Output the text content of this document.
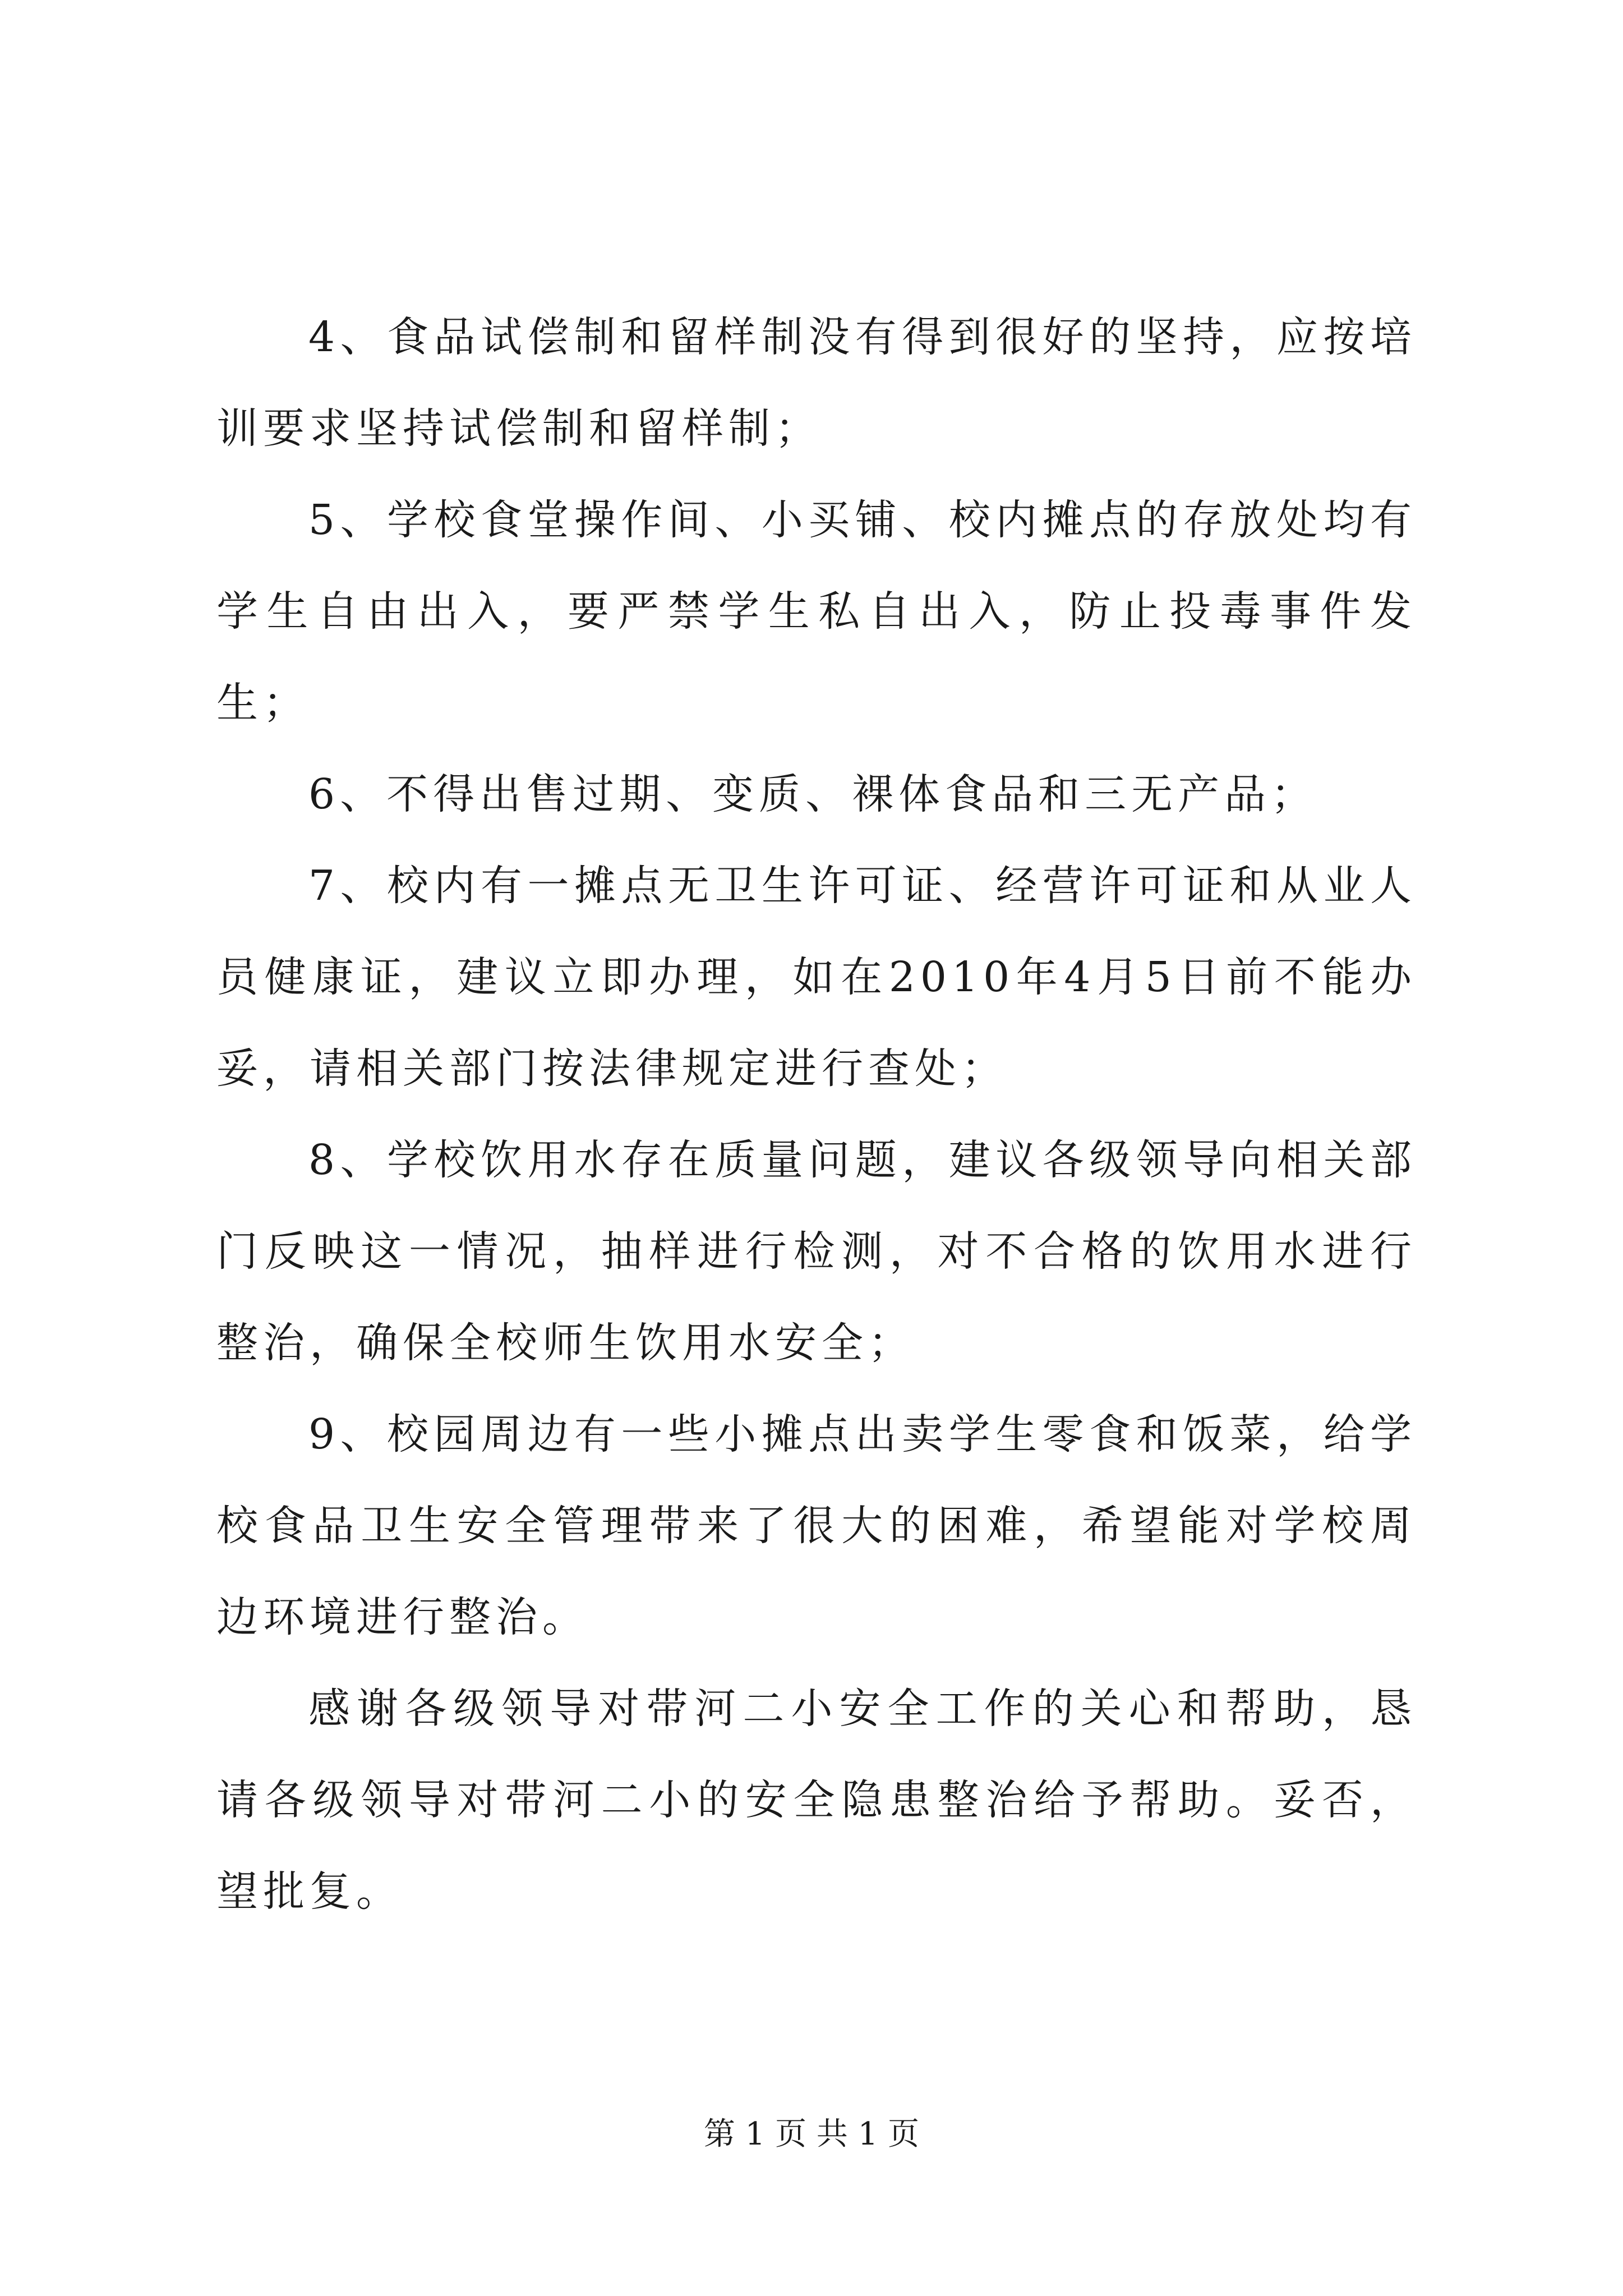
4、食品试偿制和留样制没有得到很好的坚持，应按培训要求坚持试偿制和留样制；

5、学校食堂操作间、小买铺、校内摊点的存放处均有学生自由出入，要严禁学生私自出入，防止投毒事件发生；

6、不得出售过期、变质、裸体食品和三无产品；

7、校内有一摊点无卫生许可证、经营许可证和从业人员健康证，建议立即办理，如在2010年4月5日前不能办妥，请相关部门按法律规定进行查处；

8、学校饮用水存在质量问题，建议各级领导向相关部门反映这一情况，抽样进行检测，对不合格的饮用水进行整治，确保全校师生饮用水安全；

9、校园周边有一些小摊点出卖学生零食和饭菜，给学校食品卫生安全管理带来了很大的困难，希望能对学校周边环境进行整治。

感谢各级领导对带河二小安全工作的关心和帮助，恳请各级领导对带河二小的安全隐患整治给予帮助。妥否，望批复。

第 1 页 共 1 页
